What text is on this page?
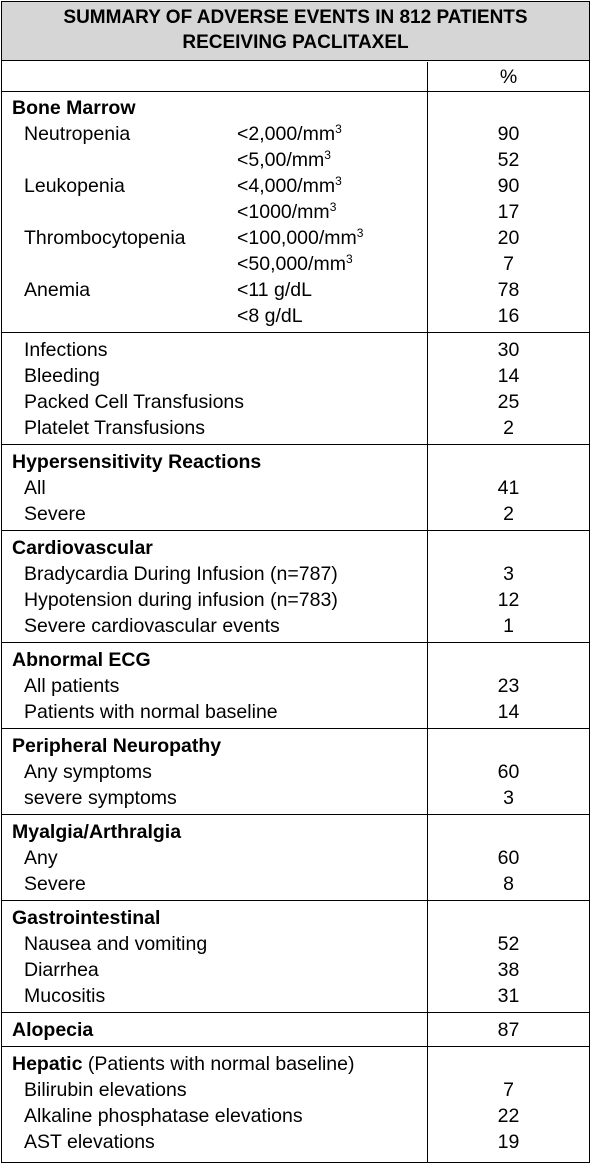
SUMMARY OF ADVERSE EVENTS IN 812 PATIENTS
RECEIVING PACLITAXEL
%
Bone Marrow
Neutropenia	$<2,000/mm^3$	90
$<5,00/mm^3$	52
Leukopenia	$<4,000/mm^3$	90
$<1000/mm^3$	17
Thrombocytopenia	$<100,000/mm^3$	20
$<50,000/mm^3$	7
Anemia	<11 g/dL	78
<8 g/dL	16
Infections	30
Bleeding	14
Packed Cell Transfusions	25
Platelet Transfusions	2
Hypersensitivity Reactions
All	41
Severe	2
Cardiovascular
Bradycardia During Infusion (n=787)	3
Hypotension during infusion (n=783)	12
Severe cardiovascular events	1
Abnormal ECG
All patients	23
Patients with normal baseline	14
Peripheral Neuropathy
Any symptoms	60
severe symptoms	3
Myalgia/Arthralgia
Any	60
Severe	8
Gastrointestinal
Nausea and vomiting	52
Diarrhea	38
Mucositis	31
Alopecia	87
Hepatic (Patients with normal baseline)
Bilirubin elevations	7
Alkaline phosphatase elevations	22
AST elevations	19
